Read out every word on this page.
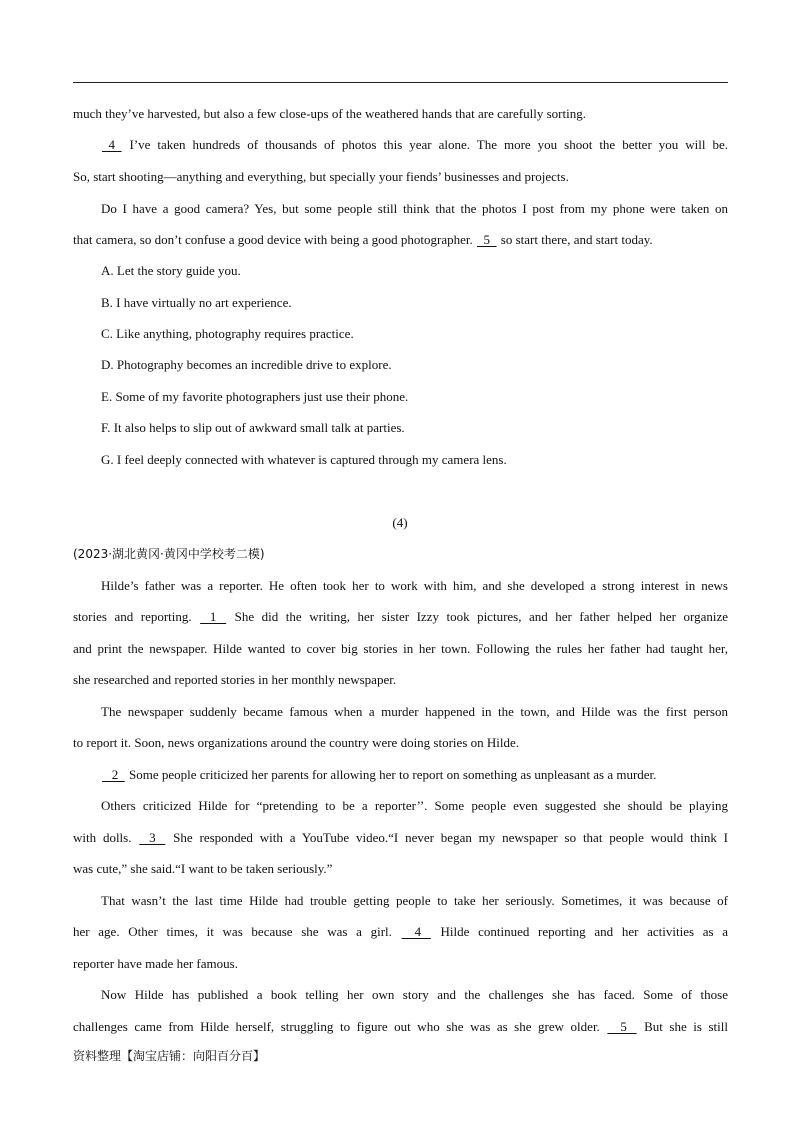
much they’ve harvested, but also a few close-ups of the weathered hands that are carefully sorting.
4   I’ve taken hundreds of thousands of photos this year alone. The more you shoot the better you will be.
So, start shooting—anything and everything, but specially your fiends’ businesses and projects.
Do I have a good camera? Yes, but some people still think that the photos I post from my phone were taken on
that camera, so don’t confuse a good device with being a good photographer.   5   so start there, and start today.
A. Let the story guide you.
B. I have virtually no art experience.
C. Like anything, photography requires practice.
D. Photography becomes an incredible drive to explore.
E. Some of my favorite photographers just use their phone.
F. It also helps to slip out of awkward small talk at parties.
G. I feel deeply connected with whatever is captured through my camera lens.
(4)
(2023·湖北黄冈·黄冈中学校考二模)
Hilde’s father was a reporter. He often took her to work with him, and she developed a strong interest in news
stories and reporting.    1    She did the writing, her sister Izzy took pictures, and her father helped her organize
and print the newspaper. Hilde wanted to cover big stories in her town. Following the rules her father had taught her,
she researched and reported stories in her monthly newspaper.
The newspaper suddenly became famous when a murder happened in the town, and Hilde was the first person
to report it. Soon, news organizations around the country were doing stories on Hilde.
2   Some people criticized her parents for allowing her to report on something as unpleasant as a murder.
Others criticized Hilde for “pretending to be a reporter’’. Some people even suggested she should be playing
with dolls.    3    She responded with a YouTube video.“I never began my newspaper so that people would think I
was cute,” she said.“I want to be taken seriously.”
That wasn’t the last time Hilde had trouble getting people to take her seriously. Sometimes, it was because of
her age. Other times, it was because she was a girl.     4    Hilde continued reporting and her activities as a
reporter have made her famous.
Now Hilde has published a book telling her own story and the challenges she has faced. Some of those
challenges came from Hilde herself, struggling to figure out who she was as she grew older.     5    But she is still
资料整理【淘宝店铺：向阳百分百】
